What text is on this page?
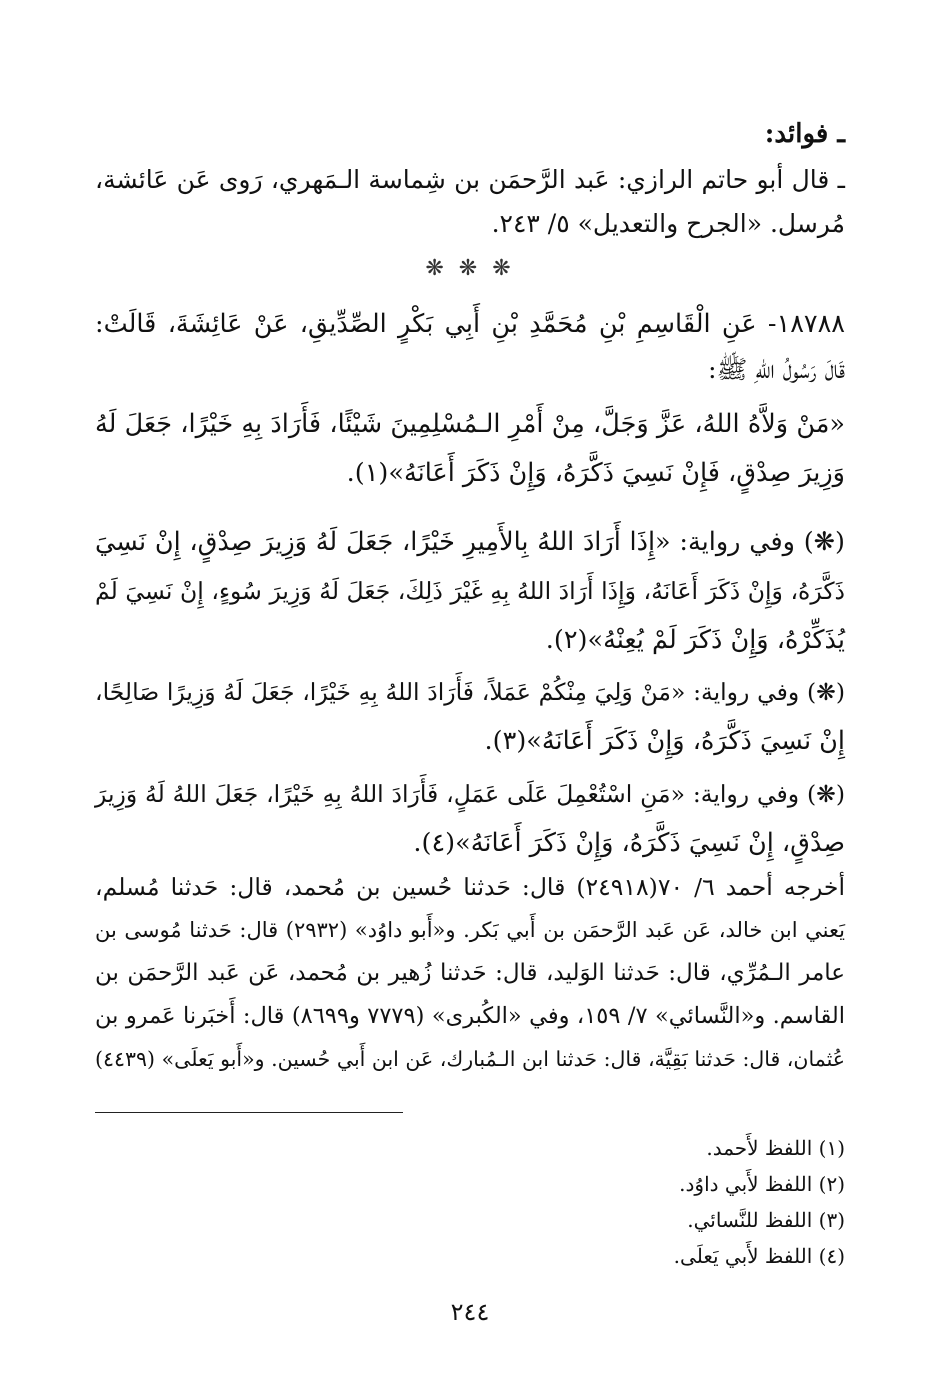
ـ فوائد:
ـ قال أبو حاتم الرازي: عَبد الرَّحمَن بن شِماسة الـمَهري، رَوى عَن عَائشة،
مُرسل. «الجرح والتعديل» ٥/ ٢٤٣.
❋ ❋ ❋
١٨٧٨٨- عَنِ الْقَاسِمِ بْنِ مُحَمَّدِ بْنِ أَبِي بَكْرٍ الصِّدِّيقِ، عَنْ عَائِشَةَ، قَالَتْ:
قَالَ رَسُولُ اللهِ ﷺ:
«مَنْ وَلاَّهُ اللهُ، عَزَّ وَجَلَّ، مِنْ أَمْرِ الـمُسْلِمِينَ شَيْئًا، فَأَرَادَ بِهِ خَيْرًا، جَعَلَ لَهُ
وَزِيرَ صِدْقٍ، فَإِنْ نَسِيَ ذَكَّرَهُ، وَإِنْ ذَكَرَ أَعَانَهُ»(١).
(❋) وفي رواية: «إِذَا أَرَادَ اللهُ بِالأَمِيرِ خَيْرًا، جَعَلَ لَهُ وَزِيرَ صِدْقٍ، إِنْ نَسِيَ
ذَكَّرَهُ، وَإِنْ ذَكَرَ أَعَانَهُ، وَإِذَا أَرَادَ اللهُ بِهِ غَيْرَ ذَلِكَ، جَعَلَ لَهُ وَزِيرَ سُوءٍ، إِنْ نَسِيَ لَمْ
يُذَكِّرْهُ، وَإِنْ ذَكَرَ لَمْ يُعِنْهُ»(٢).
(❋) وفي رواية: «مَنْ وَلِيَ مِنْكُمْ عَمَلاً، فَأَرَادَ اللهُ بِهِ خَيْرًا، جَعَلَ لَهُ وَزِيرًا صَالِحًا،
إِنْ نَسِيَ ذَكَّرَهُ، وَإِنْ ذَكَرَ أَعَانَهُ»(٣).
(❋) وفي رواية: «مَنِ اسْتُعْمِلَ عَلَى عَمَلٍ، فَأَرَادَ اللهُ بِهِ خَيْرًا، جَعَلَ اللهُ لَهُ وَزِيرَ
صِدْقٍ، إِنْ نَسِيَ ذَكَّرَهُ، وَإِنْ ذَكَرَ أَعَانَهُ»(٤).
أخرجه أحمد ٦/ ٧٠(٢٤٩١٨) قال: حَدثنا حُسين بن مُحمد، قال: حَدثنا مُسلم،
يَعني ابن خالد، عَن عَبد الرَّحمَن بن أَبي بَكر. و«أَبو داوُد» (٢٩٣٢) قال: حَدثنا مُوسى بن
عامر الـمُرِّي، قال: حَدثنا الوَليد، قال: حَدثنا زُهير بن مُحمد، عَن عَبد الرَّحمَن بن
القاسم. و«النَّسائي» ٧/ ١٥٩، وفي «الكُبرى» (٧٧٧٩ و٨٦٩٩) قال: أَخبَرنا عَمرو بن
عُثمان، قال: حَدثنا بَقِيَّة، قال: حَدثنا ابن الـمُبارك، عَن ابن أَبي حُسين. و«أَبو يَعلَى» (٤٤٣٩)
(١) اللفظ لأَحمد.
(٢) اللفظ لأَبي داوُد.
(٣) اللفظ للنَّسائي.
(٤) اللفظ لأَبي يَعلَى.
٢٤٤
